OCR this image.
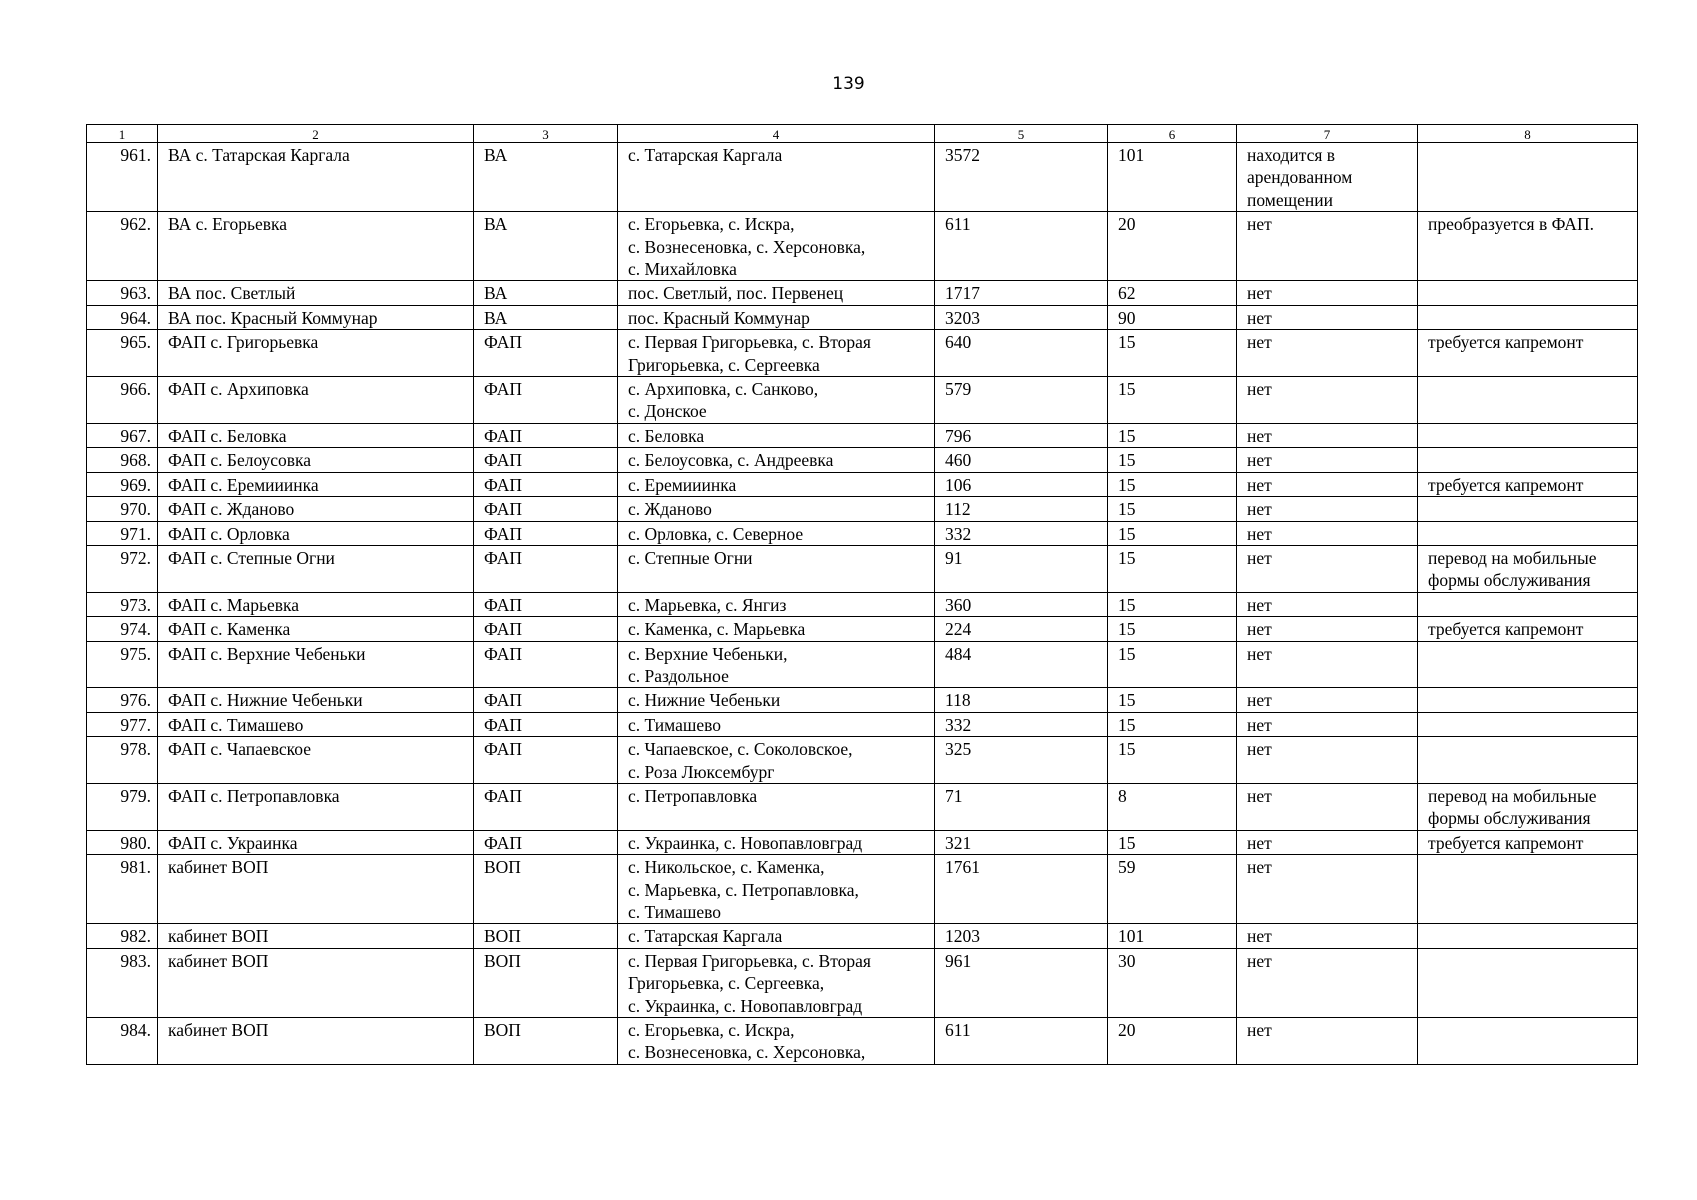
139
1	2	3	4	5	6	7	8

961.	ВА с. Татарская Каргала	ВА	с. Татарская Каргала	3572	101	находится в
арендованном
помещении	

962.	ВА с. Егорьевка	ВА	с. Егорьевка, с. Искра,
с. Вознесеновка, с. Херсоновка,
с. Михайловка	611	20	нет	преобразуется в ФАП.

963.	ВА пос. Светлый	ВА	пос. Светлый, пос. Первенец	1717	62	нет	

964.	ВА пос. Красный Коммунар	ВА	пос. Красный Коммунар	3203	90	нет	

965.	ФАП с. Григорьевка	ФАП	с. Первая Григорьевка, с. Вторая
Григорьевка, с. Сергеевка	640	15	нет	требуется капремонт

966.	ФАП с. Архиповка	ФАП	с. Архиповка, с. Санково,
с. Донское	579	15	нет	

967.	ФАП с. Беловка	ФАП	с. Беловка	796	15	нет	

968.	ФАП с. Белоусовка	ФАП	с. Белоусовка, с. Андреевка	460	15	нет	

969.	ФАП с. Еремииинка	ФАП	с. Еремииинка	106	15	нет	требуется капремонт

970.	ФАП с. Жданово	ФАП	с. Жданово	112	15	нет	

971.	ФАП с. Орловка	ФАП	с. Орловка, с. Северное	332	15	нет	

972.	ФАП с. Степные Огни	ФАП	с. Степные Огни	91	15	нет	перевод на мобильные
формы обслуживания

973.	ФАП с. Марьевка	ФАП	с. Марьевка, с. Янгиз	360	15	нет	

974.	ФАП с. Каменка	ФАП	с. Каменка, с. Марьевка	224	15	нет	требуется капремонт

975.	ФАП с. Верхние Чебеньки	ФАП	с. Верхние Чебеньки,
с. Раздольное	484	15	нет	

976.	ФАП с. Нижние Чебеньки	ФАП	с. Нижние Чебеньки	118	15	нет	

977.	ФАП с. Тимашево	ФАП	с. Тимашево	332	15	нет	

978.	ФАП с. Чапаевское	ФАП	с. Чапаевское, с. Соколовское,
с. Роза Люксембург	325	15	нет	

979.	ФАП с. Петропавловка	ФАП	с. Петропавловка	71	8	нет	перевод на мобильные
формы обслуживания

980.	ФАП с. Украинка	ФАП	с. Украинка, с. Новопавловград	321	15	нет	требуется капремонт

981.	кабинет ВОП	ВОП	с. Никольское, с. Каменка,
с. Марьевка, с. Петропавловка,
с. Тимашево	1761	59	нет	

982.	кабинет ВОП	ВОП	с. Татарская Каргала	1203	101	нет	

983.	кабинет ВОП	ВОП	с. Первая Григорьевка, с. Вторая
Григорьевка, с. Сергеевка,
с. Украинка, с. Новопавловград	961	30	нет	

984.	кабинет ВОП	ВОП	с. Егорьевка, с. Искра,
с. Вознесеновка, с. Херсоновка,	611	20	нет	
